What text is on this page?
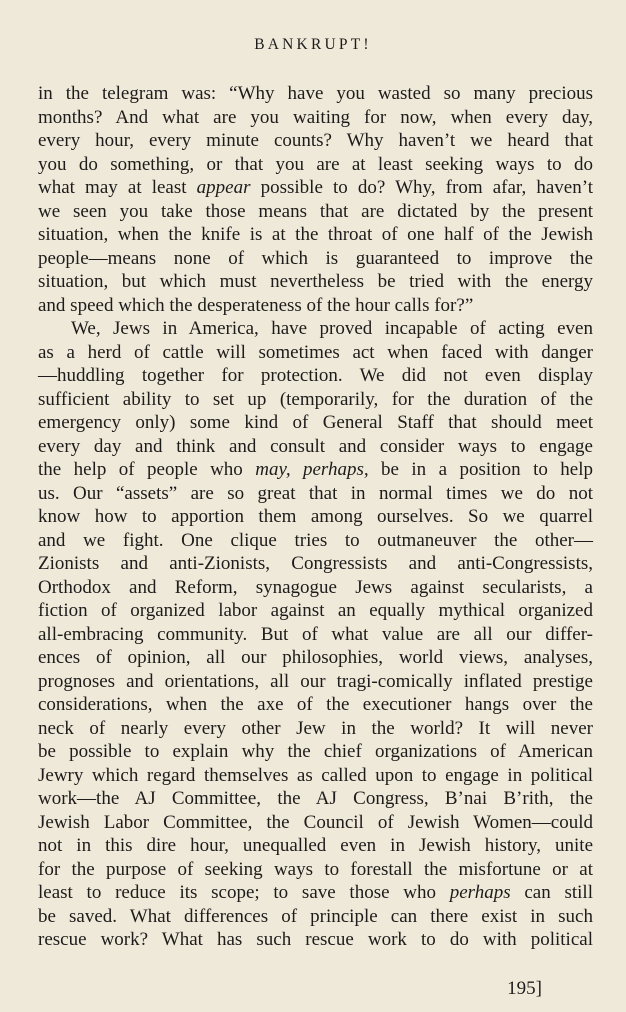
BANKRUPT!
in the telegram was: “Why have you wasted so many precious
months? And what are you waiting for now, when every day,
every hour, every minute counts? Why haven’t we heard that
you do something, or that you are at least seeking ways to do
what may at least appear possible to do? Why, from afar, haven’t
we seen you take those means that are dictated by the present
situation, when the knife is at the throat of one half of the Jewish
people—means none of which is guaranteed to improve the
situation, but which must nevertheless be tried with the energy
and speed which the desperateness of the hour calls for?”
We, Jews in America, have proved incapable of acting even
as a herd of cattle will sometimes act when faced with danger
—huddling together for protection. We did not even display
sufficient ability to set up (temporarily, for the duration of the
emergency only) some kind of General Staff that should meet
every day and think and consult and consider ways to engage
the help of people who may, perhaps, be in a position to help
us. Our “assets” are so great that in normal times we do not
know how to apportion them among ourselves. So we quarrel
and we fight. One clique tries to outmaneuver the other—
Zionists and anti-Zionists, Congressists and anti-Congressists,
Orthodox and Reform, synagogue Jews against secularists, a
fiction of organized labor against an equally mythical organized
all-embracing community. But of what value are all our differ-
ences of opinion, all our philosophies, world views, analyses,
prognoses and orientations, all our tragi-comically inflated prestige
considerations, when the axe of the executioner hangs over the
neck of nearly every other Jew in the world? It will never
be possible to explain why the chief organizations of American
Jewry which regard themselves as called upon to engage in political
work—the AJ Committee, the AJ Congress, B’nai B’rith, the
Jewish Labor Committee, the Council of Jewish Women—could
not in this dire hour, unequalled even in Jewish history, unite
for the purpose of seeking ways to forestall the misfortune or at
least to reduce its scope; to save those who perhaps can still
be saved. What differences of principle can there exist in such
rescue work? What has such rescue work to do with political
195]
